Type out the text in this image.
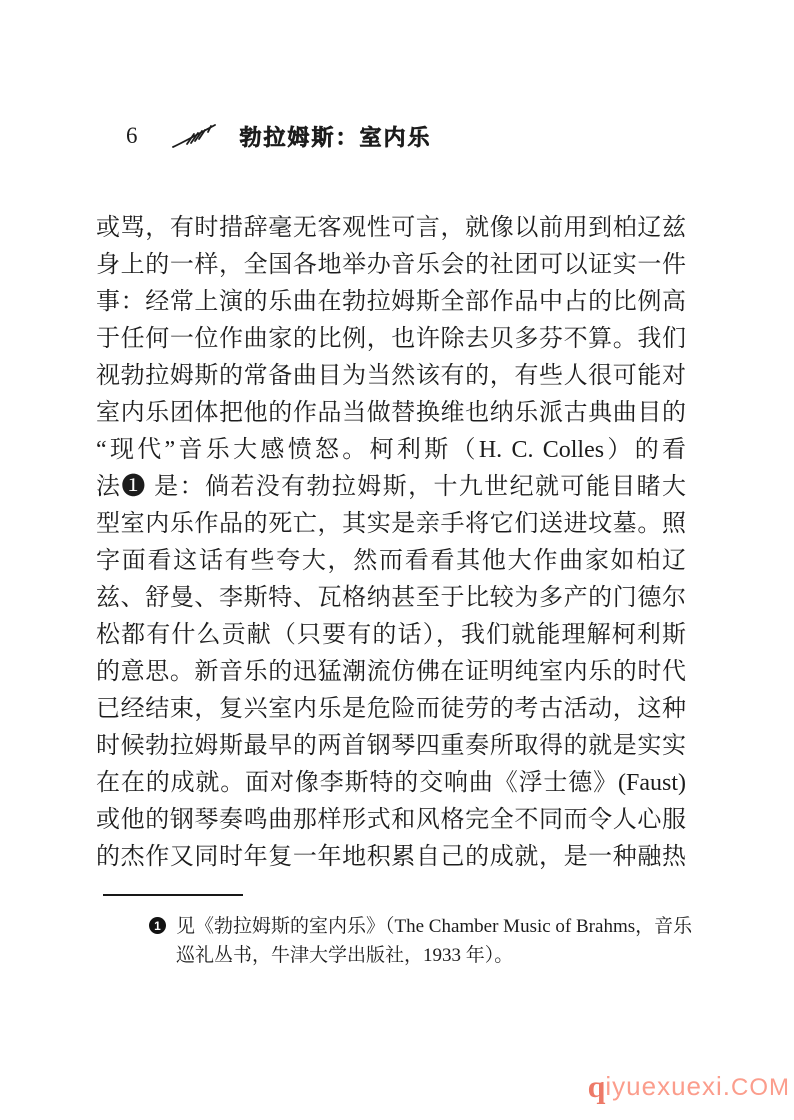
6	勃拉姆斯：室内乐
或骂，有时措辞毫无客观性可言，就像以前用到柏辽兹
身上的一样，全国各地举办音乐会的社团可以证实一件
事：经常上演的乐曲在勃拉姆斯全部作品中占的比例高
于任何一位作曲家的比例，也许除去贝多芬不算。我们
视勃拉姆斯的常备曲目为当然该有的，有些人很可能对
室内乐团体把他的作品当做替换维也纳乐派古典曲目的
“现代”音乐大感愤怒。柯利斯（H. C. Colles）的看
法❶ 是：倘若没有勃拉姆斯，十九世纪就可能目睹大
型室内乐作品的死亡，其实是亲手将它们送进坟墓。照
字面看这话有些夸大，然而看看其他大作曲家如柏辽
兹、舒曼、李斯特、瓦格纳甚至于比较为多产的门德尔
松都有什么贡献（只要有的话），我们就能理解柯利斯
的意思。新音乐的迅猛潮流仿佛在证明纯室内乐的时代
已经结束，复兴室内乐是危险而徒劳的考古活动，这种
时候勃拉姆斯最早的两首钢琴四重奏所取得的就是实实
在在的成就。面对像李斯特的交响曲《浮士德》(Faust)
或他的钢琴奏鸣曲那样形式和风格完全不同而令人心服
的杰作又同时年复一年地积累自己的成就，是一种融热
1 见《勃拉姆斯的室内乐》（The Chamber Music of Brahms，音乐
巡礼丛书，牛津大学出版社，1933 年）。
qiyuexuexi.COM
